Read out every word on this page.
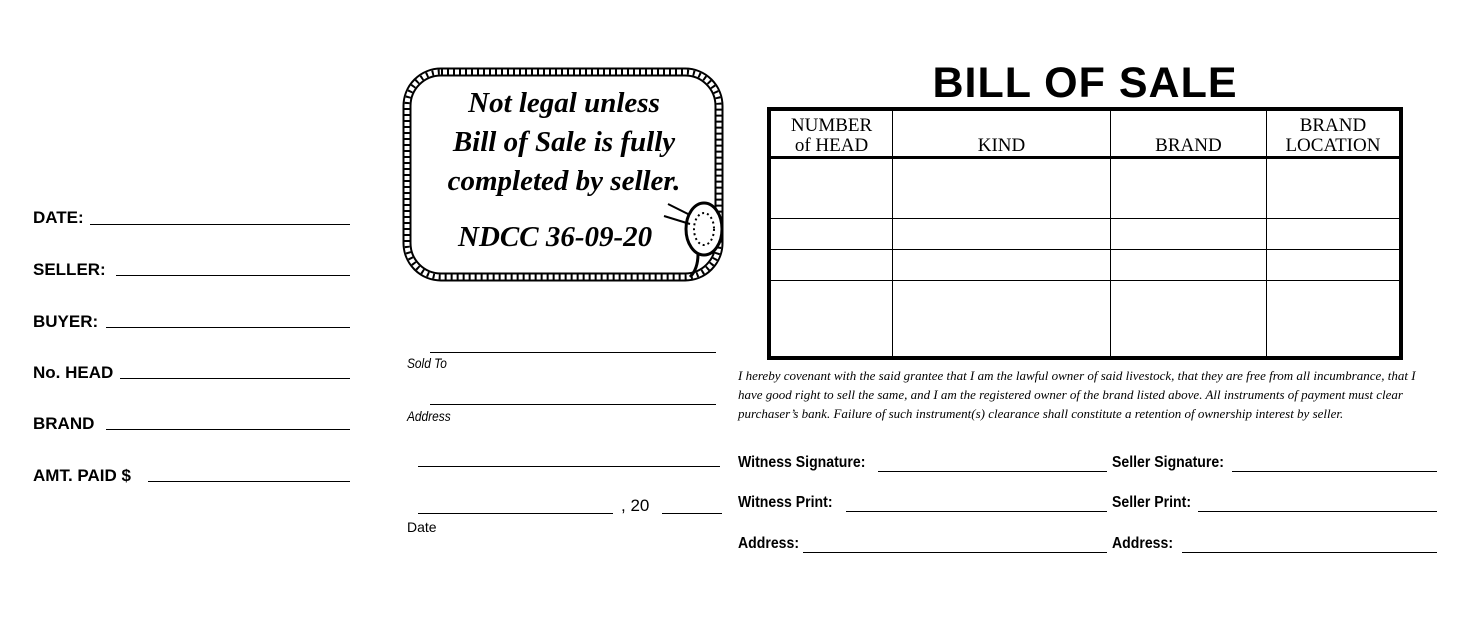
DATE:
SELLER:
BUYER:
No. HEAD
BRAND
AMT. PAID $
Not legal unless
Bill of Sale is fully
completed by seller.
NDCC 36-09-20
Sold To
Address
, 20
Date
BILL OF SALE
NUMBER
of HEAD	KIND	BRAND	BRAND
LOCATION

I hereby covenant with the said grantee that I am the lawful owner of said livestock, that they are free from all incumbrance, that I
have good right to sell the same, and I am the registered owner of the brand listed above. All instruments of payment must clear
purchaser’s bank. Failure of such instrument(s) clearance shall constitute a retention of ownership interest by seller.
Witness Signature:	Seller Signature:
Witness Print:	Seller Print:
Address:	Address:
